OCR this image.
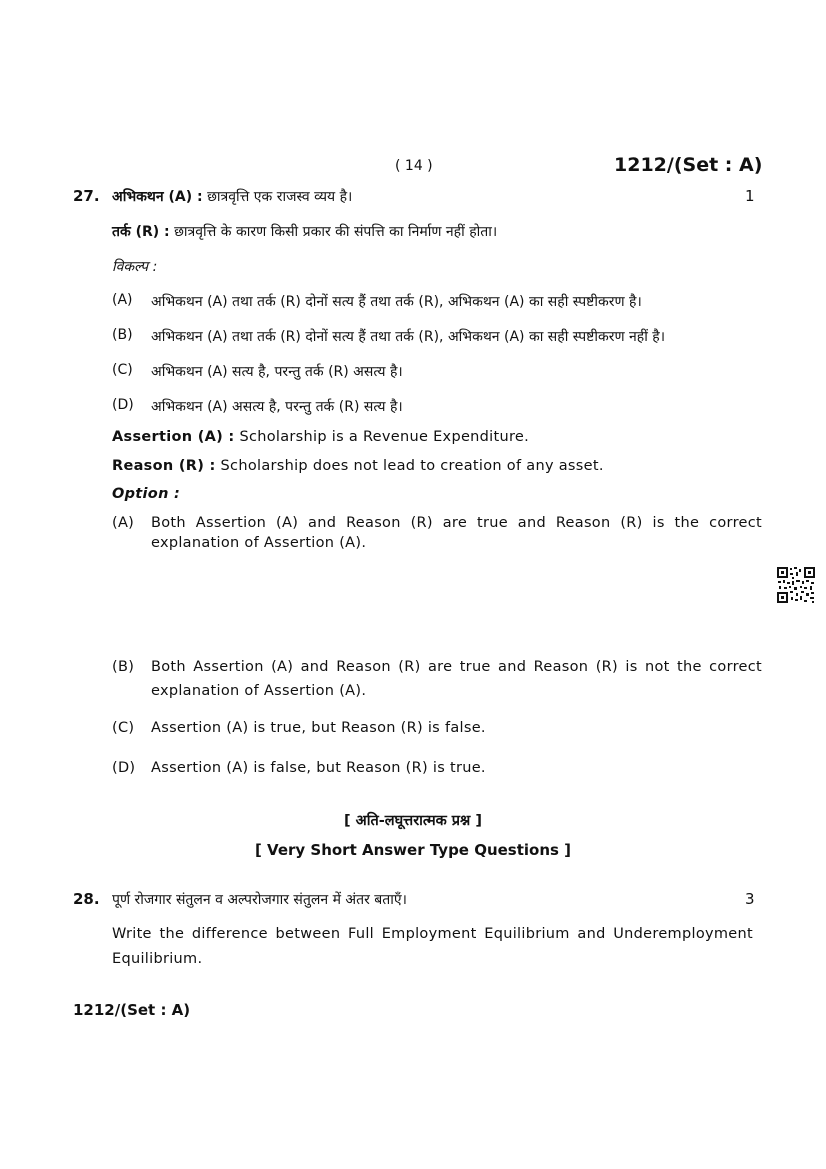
( 14 )	1212/(Set : A)
27. अभिकथन (A) : छात्रवृत्ति एक राजस्व व्यय है।	1
तर्क (R) : छात्रवृत्ति के कारण किसी प्रकार की संपत्ति का निर्माण नहीं होता।
विकल्प :
(A) अभिकथन (A) तथा तर्क (R) दोनों सत्य हैं तथा तर्क (R), अभिकथन (A) का सही स्पष्टीकरण है।
(B) अभिकथन (A) तथा तर्क (R) दोनों सत्य हैं तथा तर्क (R), अभिकथन (A) का सही स्पष्टीकरण नहीं है।
(C) अभिकथन (A) सत्य है, परन्तु तर्क (R) असत्य है।
(D) अभिकथन (A) असत्य है, परन्तु तर्क (R) सत्य है।
Assertion (A) : Scholarship is a Revenue Expenditure.
Reason (R) : Scholarship does not lead to creation of any asset.
Option :
(A) Both Assertion (A) and Reason (R) are true and Reason (R) is the correct explanation of Assertion (A).
(B) Both Assertion (A) and Reason (R) are true and Reason (R) is not the correct explanation of Assertion (A).
(C) Assertion (A) is true, but Reason (R) is false.
(D) Assertion (A) is false, but Reason (R) is true.
[ अति-लघूत्तरात्मक प्रश्न ]
[ Very Short Answer Type Questions ]
28. पूर्ण रोजगार संतुलन व अल्परोजगार संतुलन में अंतर बताएँ।	3
Write the difference between Full Employment Equilibrium and Underemployment Equilibrium.
1212/(Set : A)
